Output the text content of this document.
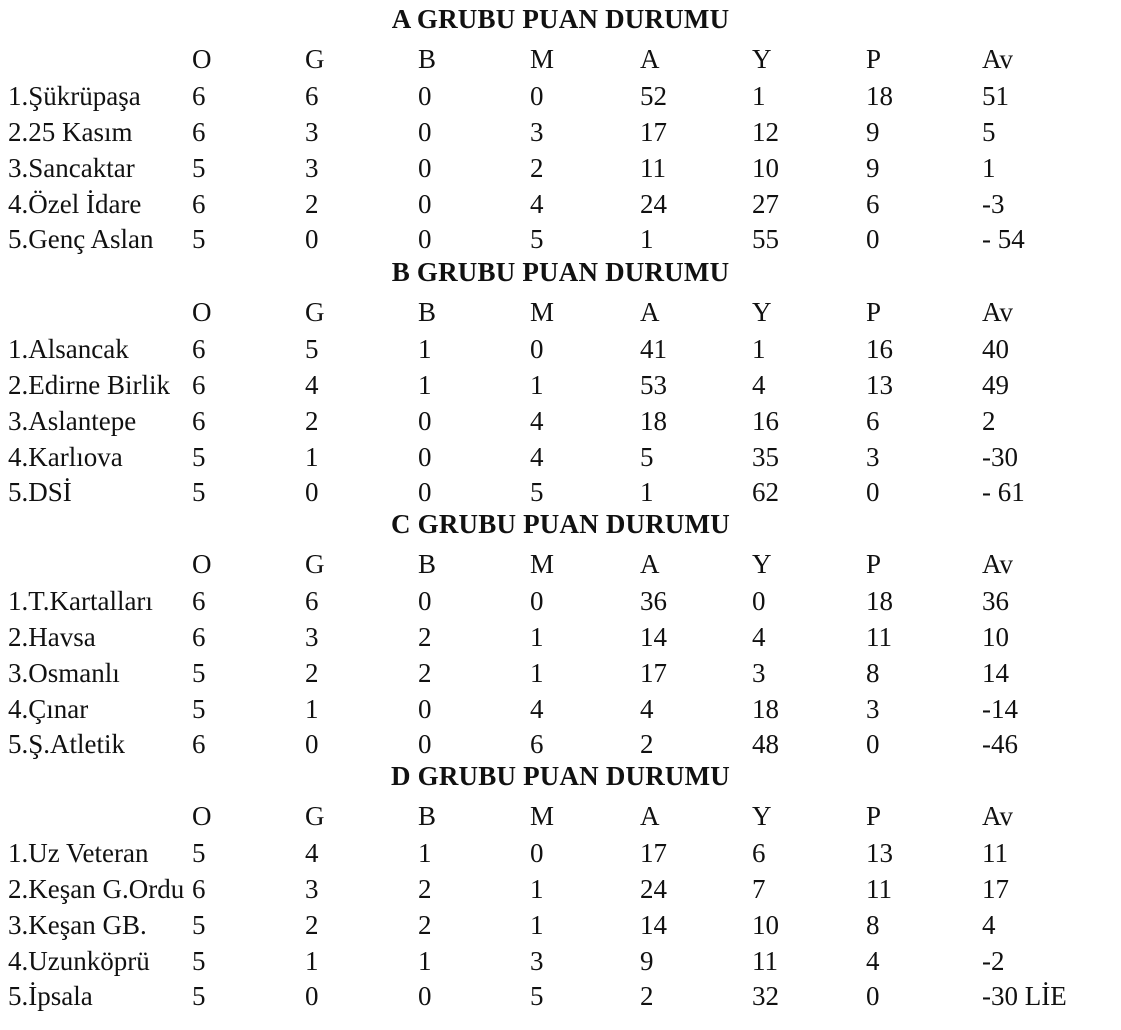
A GRUBU PUAN DURUMU
O	G	B	M	A	Y	P	Av
1.Şükrüpaşa 6	6	0	0	52	1	18	51
2.25 Kasım 6	3	0	3	17	12	9	5
3.Sancaktar 5	3	0	2	11	10	9	1
4.Özel İdare 6	2	0	4	24	27	6	-3
5.Genç Aslan 5	0	0	5	1	55	0	- 54
B GRUBU PUAN DURUMU
O	G	B	M	A	Y	P	Av
1.Alsancak 6	5	1	0	41	1	16	40
2.Edirne Birlik 6	4	1	1	53	4	13	49
3.Aslantepe 6	2	0	4	18	16	6	2
4.Karlıova	5	1	0	4	5	35	3	-30
5.DSİ	5	0	0	5	1	62	0	- 61
C GRUBU PUAN DURUMU
O	G	B	M	A	Y	P	Av
1.T.Kartalları 6	6	0	0	36	0	18	36
2.Havsa	6	3	2	1	14	4	11	10
3.Osmanlı	5	2	2	1	17	3	8	14
4.Çınar	5	1	0	4	4	18	3	-14
5.Ş.Atletik 6	0	0	6	2	48	0	-46
D GRUBU PUAN DURUMU
O	G	B	M	A	Y	P	Av
1.Uz Veteran 5	4	1	0	17	6	13	11
2.Keşan G.Ordu 6	3	2	1	24	7	11	17
3.Keşan GB. 5	2	2	1	14	10	8	4
4.Uzunköprü 5	1	1	3	9	11	4	-2
5.İpsala	5	0	0	5	2	32	0	-30 LİE
